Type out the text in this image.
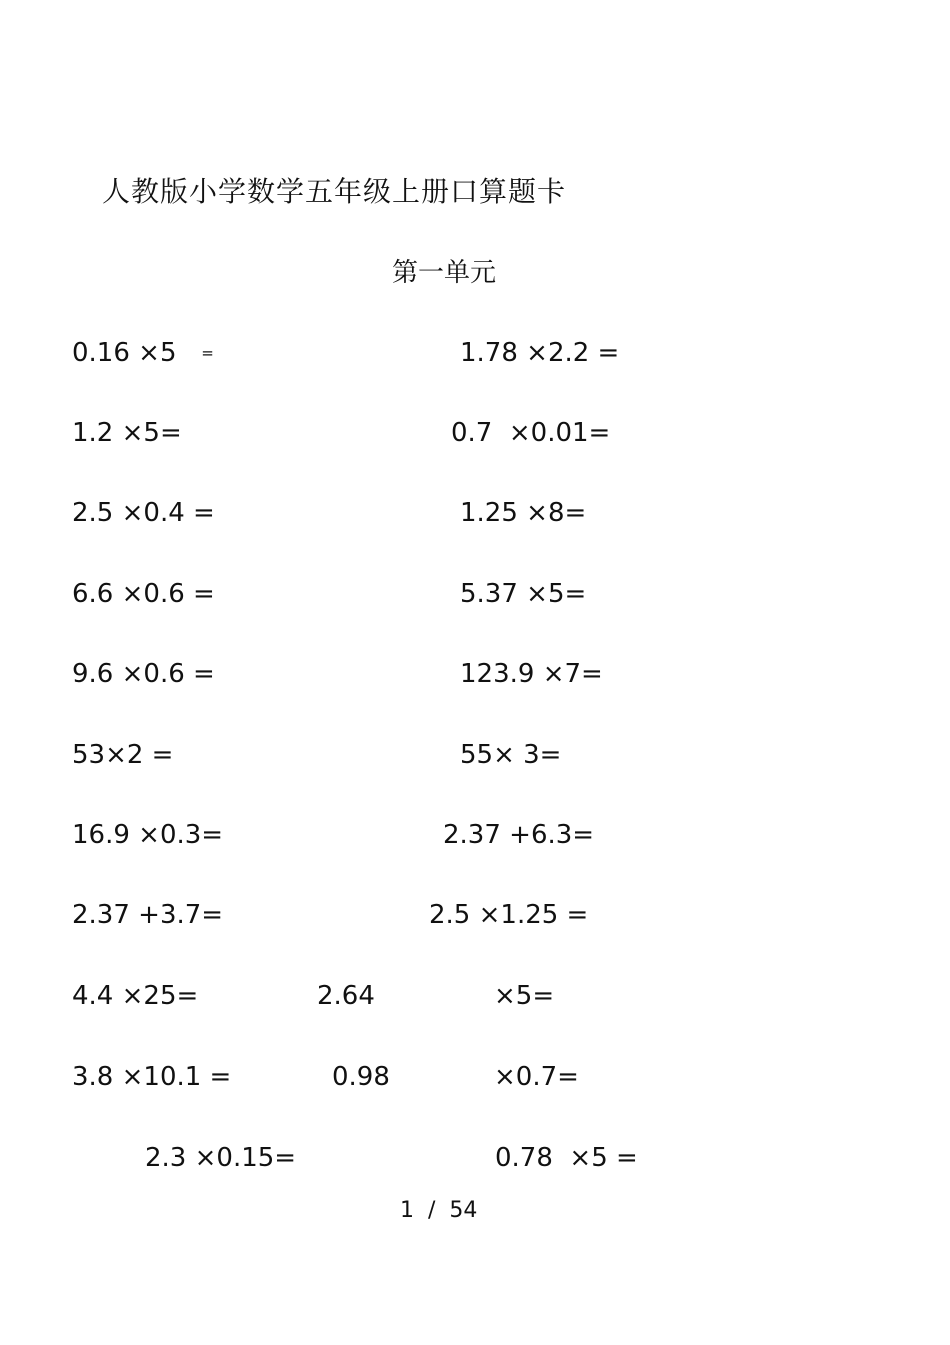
人教版小学数学五年级上册口算题卡
第一单元
0.16 ×5   =	1.78 ×2.2 =
1.2 ×5=	0.7  ×0.01=
2.5 ×0.4 =	1.25 ×8=
6.6 ×0.6 =	5.37 ×5=
9.6 ×0.6 =	123.9 ×7=
53×2 =	55× 3=
16.9 ×0.3=	2.37 +6.3=
2.37 +3.7=	2.5 ×1.25 =
4.4 ×25=	2.64	×5=
3.8 ×10.1 =	0.98	×0.7=
2.3 ×0.15=	0.78  ×5 =
1 / 54
